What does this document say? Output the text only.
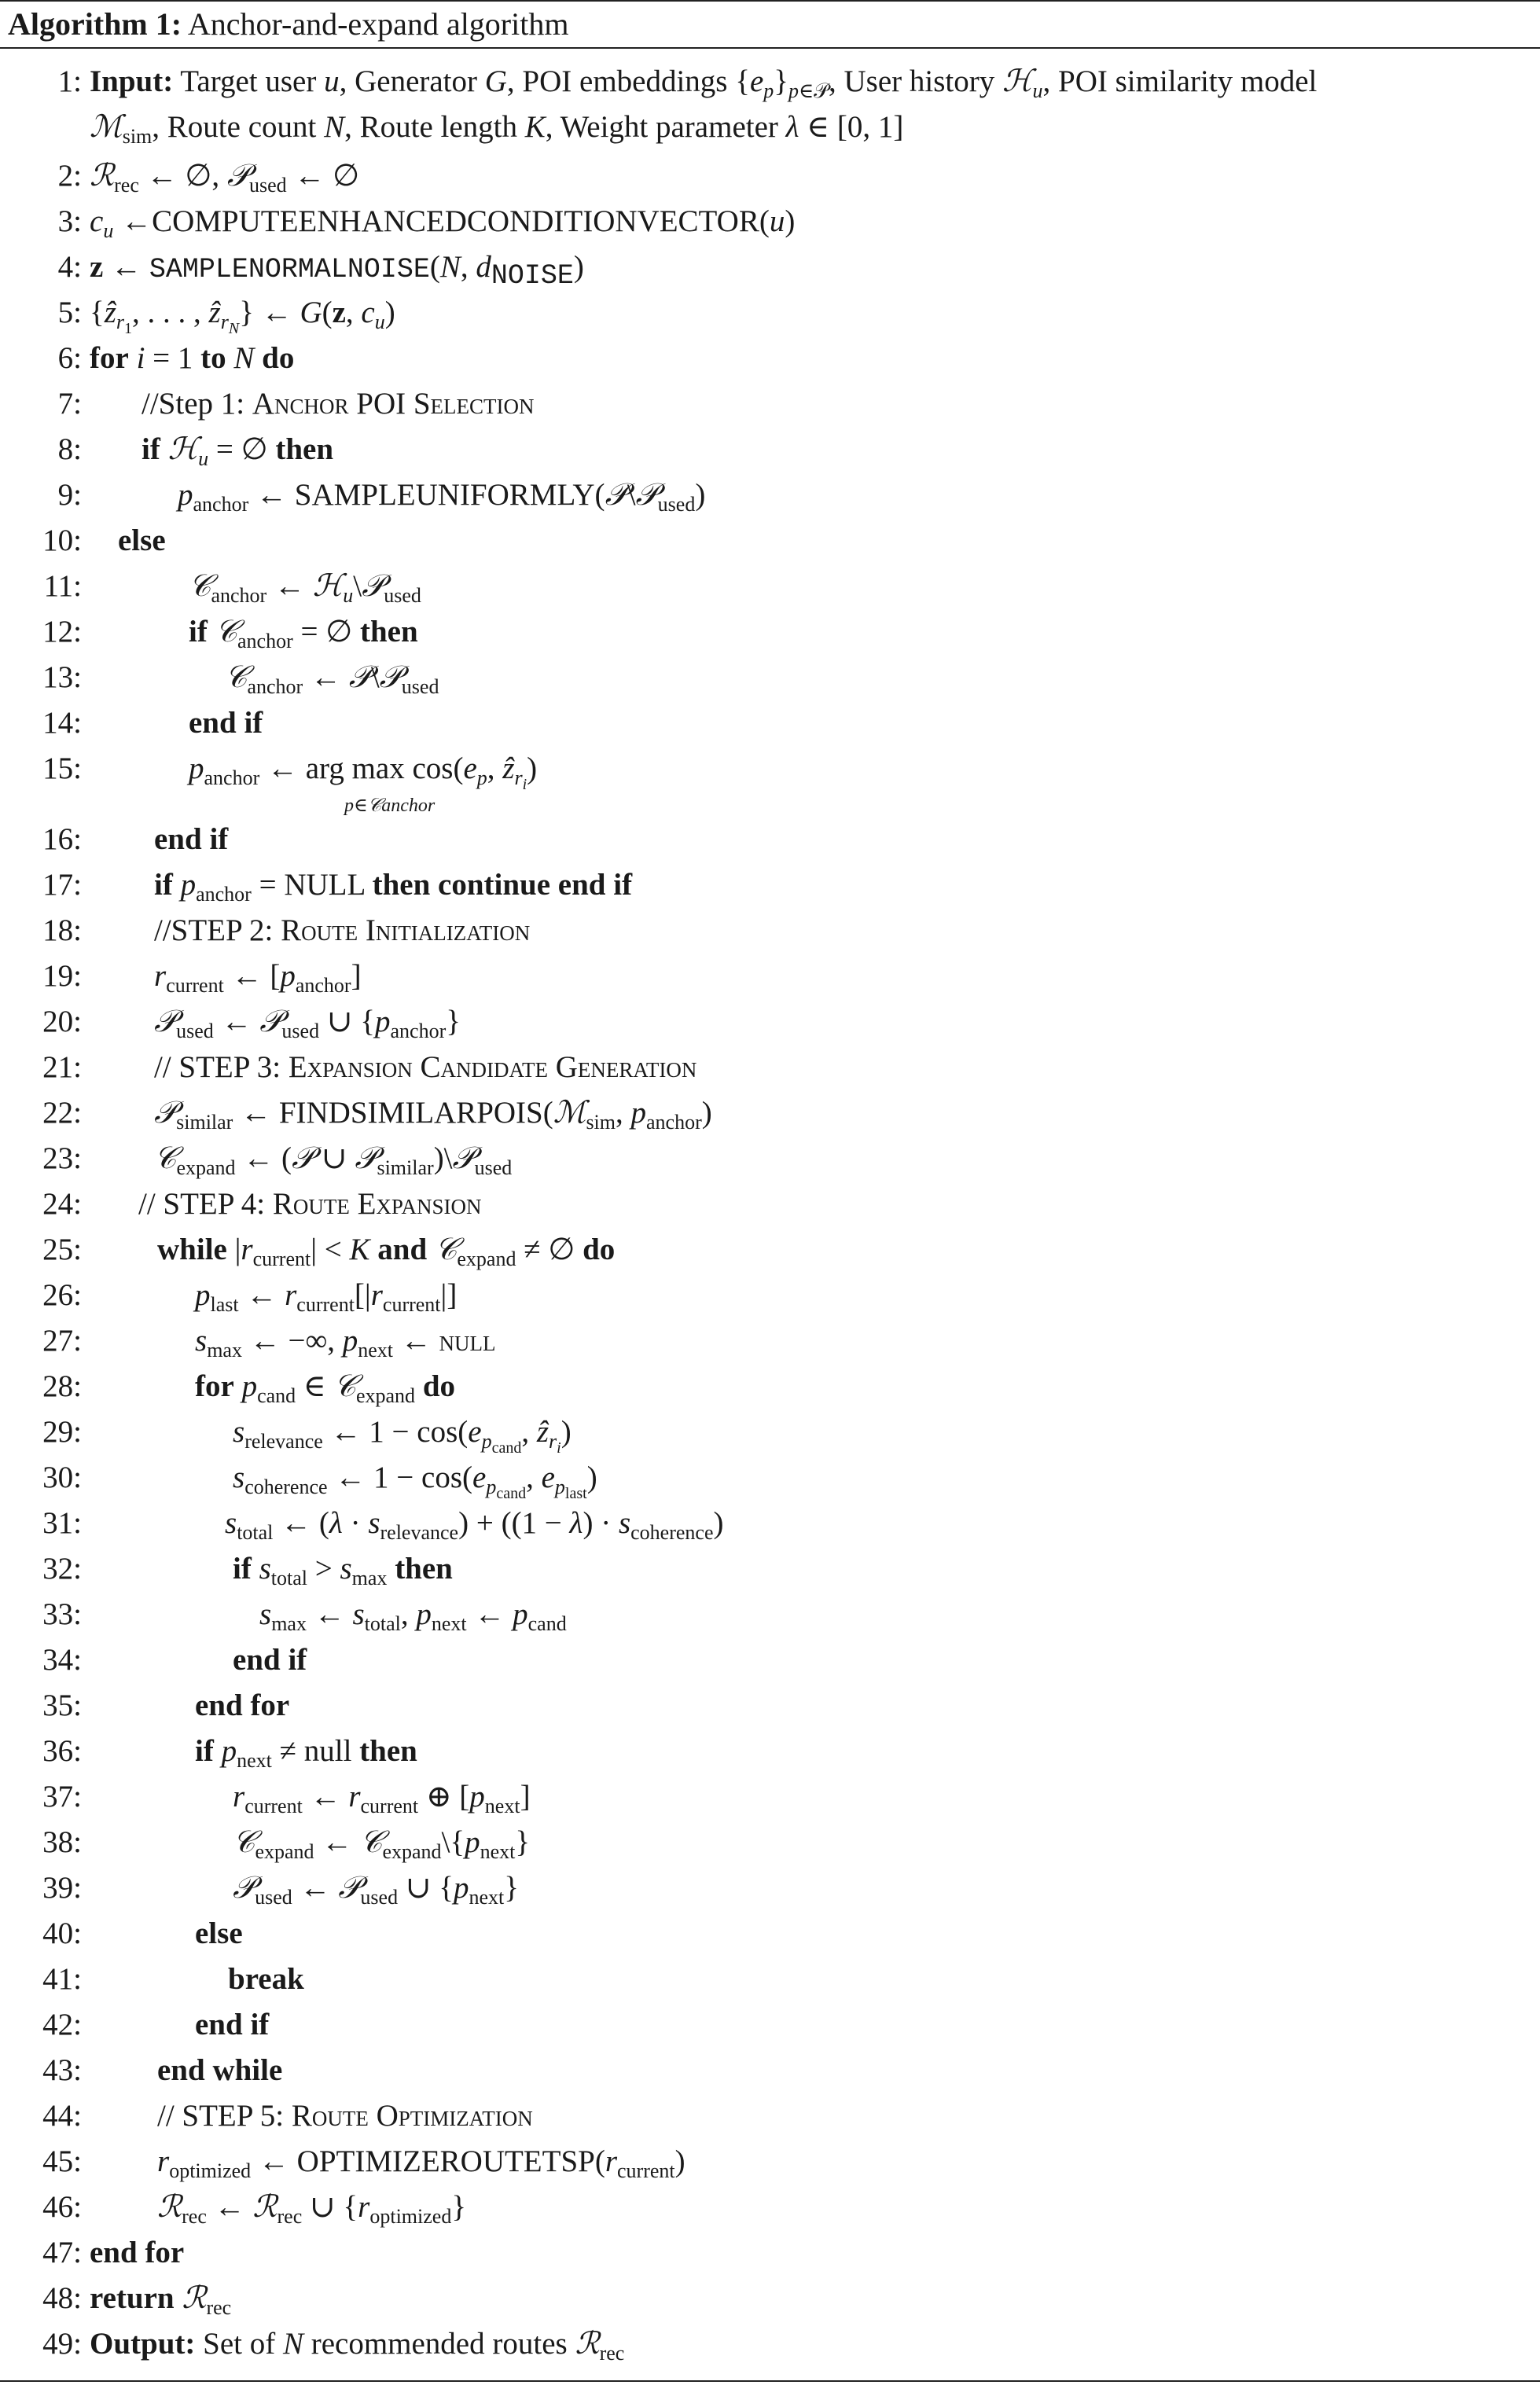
Algorithm 1: Anchor-and-expand algorithm
1: Input: Target user u, Generator G, POI embeddings $\{e_p\}_{p\in 𝒫}$, User history ℋ$_u$, POI similarity model
ℳ$_{sim}$, Route count N, Route length K, Weight parameter λ ∈ [0, 1]
2: ℛ$_{rec}$ ← ∅, 𝒫$_{used}$ ← ∅
3: $c_u$ ←COMPUTEENHANCEDCONDITIONVECTOR(u)
4: z ← SAMPLENORMALNOISE(N, $d_{NOISE}$)
5: {ẑ$_{r_1}$, . . . , ẑ$_{r_N}$} ← G(z, $c_u$)
6: for i = 1 to N do
7: //Step 1: Anchor POI Selection
8: if ℋ$_u$ = ∅ then
9:	$p_{anchor}$ ← SAMPLEUNIFORMLY(𝒫\𝒫$_{used}$)
10: else
11:	𝒞$_{anchor}$ ← ℋ$_u$\𝒫$_{used}$
12:	if 𝒞$_{anchor}$ = ∅ then
13:	𝒞$_{anchor}$ ← 𝒫\𝒫$_{used}$
14:	end if
15:	$p_{anchor}$ ← arg $\max \cos(e_p$, ẑ$_{r_i}$)
p∈𝒞anchor
16: end if
17: if $p_{anchor}$ = NULL then continue end if
18: //STEP 2: Route Initialization
19: $r_{current}$ ← $[p_{anchor}]$
20: 𝒫$_{used}$ ← 𝒫$_{used}$ ∪ $\{p_{anchor}\}$
21: // STEP 3: Expansion Candidate Generation
22: 𝒫$_{similar}$ ← FINDSIMILARPOIS(ℳ$_{sim}$, $p_{anchor}$)
23: 𝒞$_{expand}$ ← (𝒫 ∪ 𝒫$_{similar}$)\𝒫$_{used}$
24: // STEP 4: Route Expansion
25: while $|r_{current}| < K$ and 𝒞$_{expand}$ ≠ ∅ do
26:	$p_{last}$ ← $r_{current}[|r_{current}|]$
27:	$s_{max}$ ← −∞, $p_{next}$ ← null
28:	for $p_{cand}$ ∈ 𝒞$_{expand}$ do
29:	$s_{relevance}$ ← $1 - \cos(e_{p_{cand}}$, ẑ$_{r_i}$)
30:	$s_{coherence}$ ← $1 - \cos(e_{p_{cand}}$, $e_{p_{last}}$)
31:	$s_{total}$ ← $(\lambda \cdot s_{relevance}) + ((1 - \lambda) \cdot s_{coherence})$
32:	if $s_{total} > s_{max}$ then
33:	$s_{max}$ ← $s_{total}$, $p_{next}$ ← $p_{cand}$
34:	end if
35:	end for
36:	if $p_{next}$ ≠ null then
37:	$r_{current}$ ← $r_{current}$ ⊕ $[p_{next}]$
38:	𝒞$_{expand}$ ← $𝒞_{expand}\backslash\{p_{next}\}$
39:	𝒫$_{used}$ ← 𝒫$_{used}$ ∪ $\{p_{next}\}$
40:	else
41:	break
42:	end if
43: end while
44: // STEP 5: Route Optimization
45: $r_{optimized}$ ← $OPTIMIZEROUTETSP(r_{current})$
46: ℛ$_{rec}$ ← ℛ$_{rec}$ ∪ $\{r_{optimized}\}$
47: end for
48: return ℛ$_{rec}$
49: Output: Set of N recommended routes ℛ$_{rec}$
